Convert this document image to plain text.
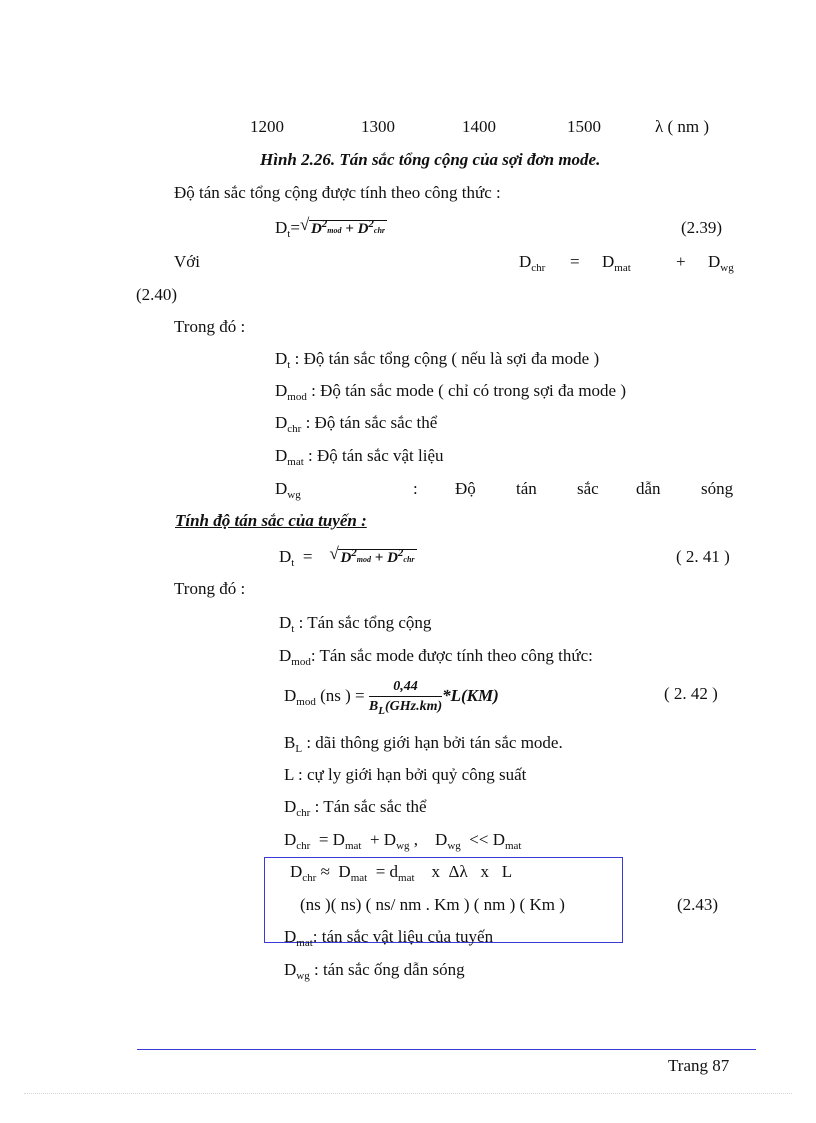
1200	1300	1400	1500	λ ( nm )
Hình 2.26. Tán sắc tổng cộng của sợi đơn mode.
Độ tán sắc tổng cộng được tính theo công thức :
$D_t=$ √ $D^2mod + D^2chr$	(2.39)
Với	$D_{chr} = D_{mat}$	+ $D_{wg}$
(2.40)
Trong đó :
$D_t$ : Độ tán sắc tổng cộng ( nếu là sợi đa mode )
$D_{mod}$ : Độ tán sắc mode ( chỉ có trong sợi đa mode )
$D_{chr}$ : Độ tán sắc sắc thể
$D_{mat}$ : Độ tán sắc vật liệu
$D_{wg}$	: Độ tán sắc dẫn sóng
Tính độ tán sắc của tuyến :
$D_t$ = √ $D^2mod + D^2chr$	( 2. 41 )
Trong đó :
$D_t$ : Tán sắc tổng cộng
$D_{mod}$: Tán sắc mode được tính theo công thức:
$D_{mod}$ (ns ) = $\frac{0,44}{B_L(GHz.km)} *L(KM)$	( 2. 42 )
$B_L$ : dãi thông giới hạn bởi tán sắc mode.
L : cự ly giới hạn bởi quỷ công suất
$D_{chr}$ : Tán sắc sắc thể
$D_{chr} = D_{mat} + D_{wg}$ ,    $D_{wg} << D_{mat}$
$D_{chr} \approx D_{mat} = d_{mat}$    x  Δλ   x   L
(ns )( ns) ( ns/ nm . Km ) ( nm ) ( Km )	(2.43)
$D_{mat}$: tán sắc vật liệu của tuyến
$D_{wg}$ : tán sắc ống dẫn sóng
Trang 87
